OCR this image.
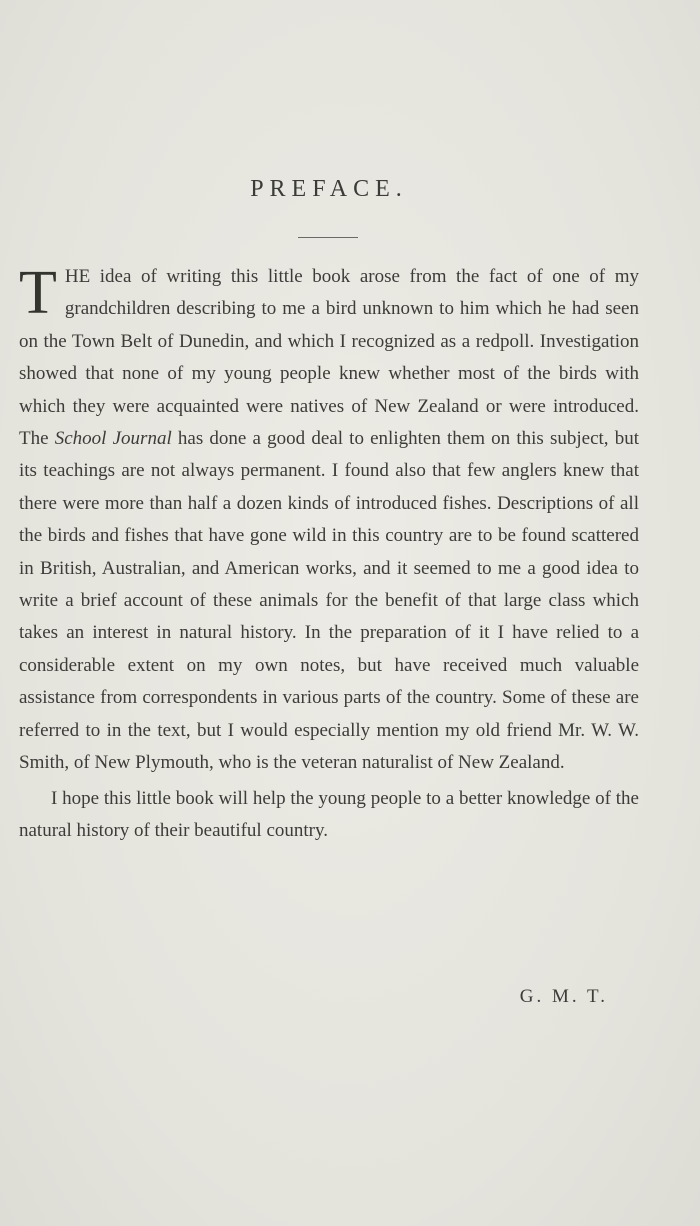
PREFACE.

THE idea of writing this little book arose from the fact of one of my grandchildren describing to me a bird unknown to him which he had seen on the Town Belt of Dunedin, and which I recognized as a redpoll. Investigation showed that none of my young people knew whether most of the birds with which they were acquainted were natives of New Zealand or were introduced. The School Journal has done a good deal to enlighten them on this subject, but its teachings are not always permanent. I found also that few anglers knew that there were more than half a dozen kinds of introduced fishes. Descriptions of all the birds and fishes that have gone wild in this country are to be found scattered in British, Australian, and American works, and it seemed to me a good idea to write a brief account of these animals for the benefit of that large class which takes an interest in natural history. In the preparation of it I have relied to a considerable extent on my own notes, but have received much valuable assistance from correspondents in various parts of the country. Some of these are referred to in the text, but I would especially mention my old friend Mr. W. W. Smith, of New Plymouth, who is the veteran naturalist of New Zealand.

I hope this little book will help the young people to a better knowledge of the natural history of their beautiful country.

G. M. T.
